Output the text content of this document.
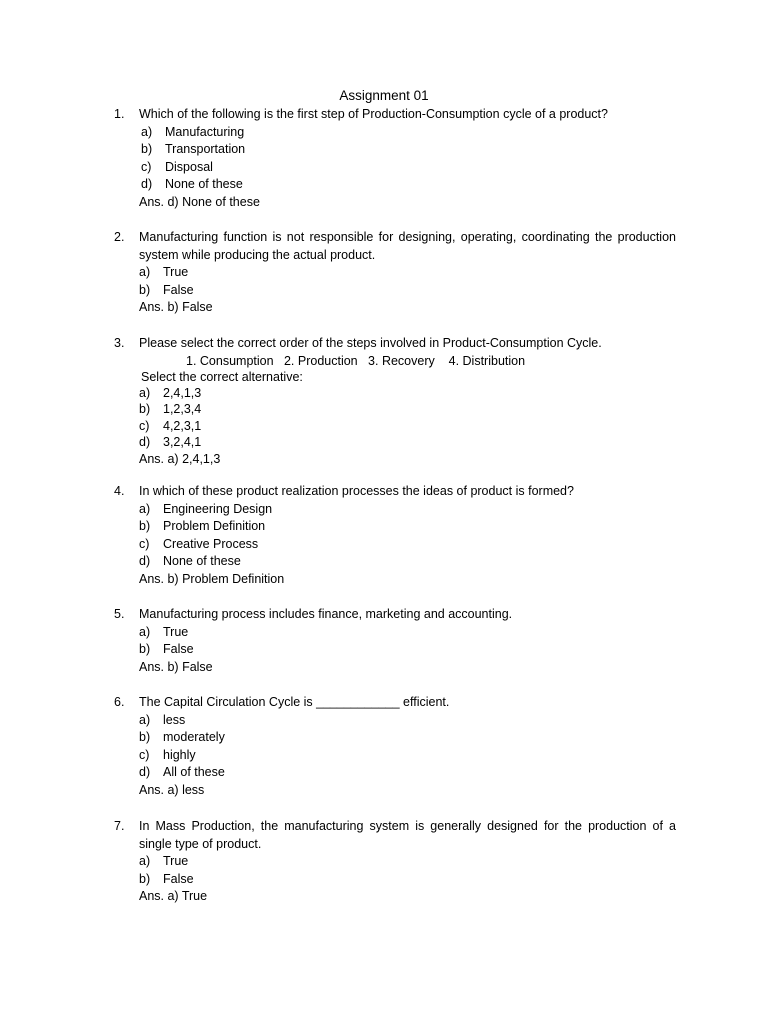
Assignment 01
1.	Which of the following is the first step of Production-Consumption cycle of a product?
a) Manufacturing
b) Transportation
c) Disposal
d) None of these
Ans. d) None of these
2.	Manufacturing function is not responsible for designing, operating, coordinating the production system while producing the actual product.
a) True
b) False
Ans. b) False
3.	Please select the correct order of the steps involved in Product-Consumption Cycle.
1. Consumption   2. Production   3. Recovery    4. Distribution
Select the correct alternative:
a) 2,4,1,3
b) 1,2,3,4
c) 4,2,3,1
d) 3,2,4,1
Ans. a) 2,4,1,3
4.	In which of these product realization processes the ideas of product is formed?
a) Engineering Design
b) Problem Definition
c) Creative Process
d) None of these
Ans. b) Problem Definition
5.	Manufacturing process includes finance, marketing and accounting.
a) True
b) False
Ans. b) False
6.	The Capital Circulation Cycle is ____________ efficient.
a) less
b) moderately
c) highly
d) All of these
Ans. a) less
7.	In Mass Production, the manufacturing system is generally designed for the production of a single type of product.
a) True
b) False
Ans. a) True
